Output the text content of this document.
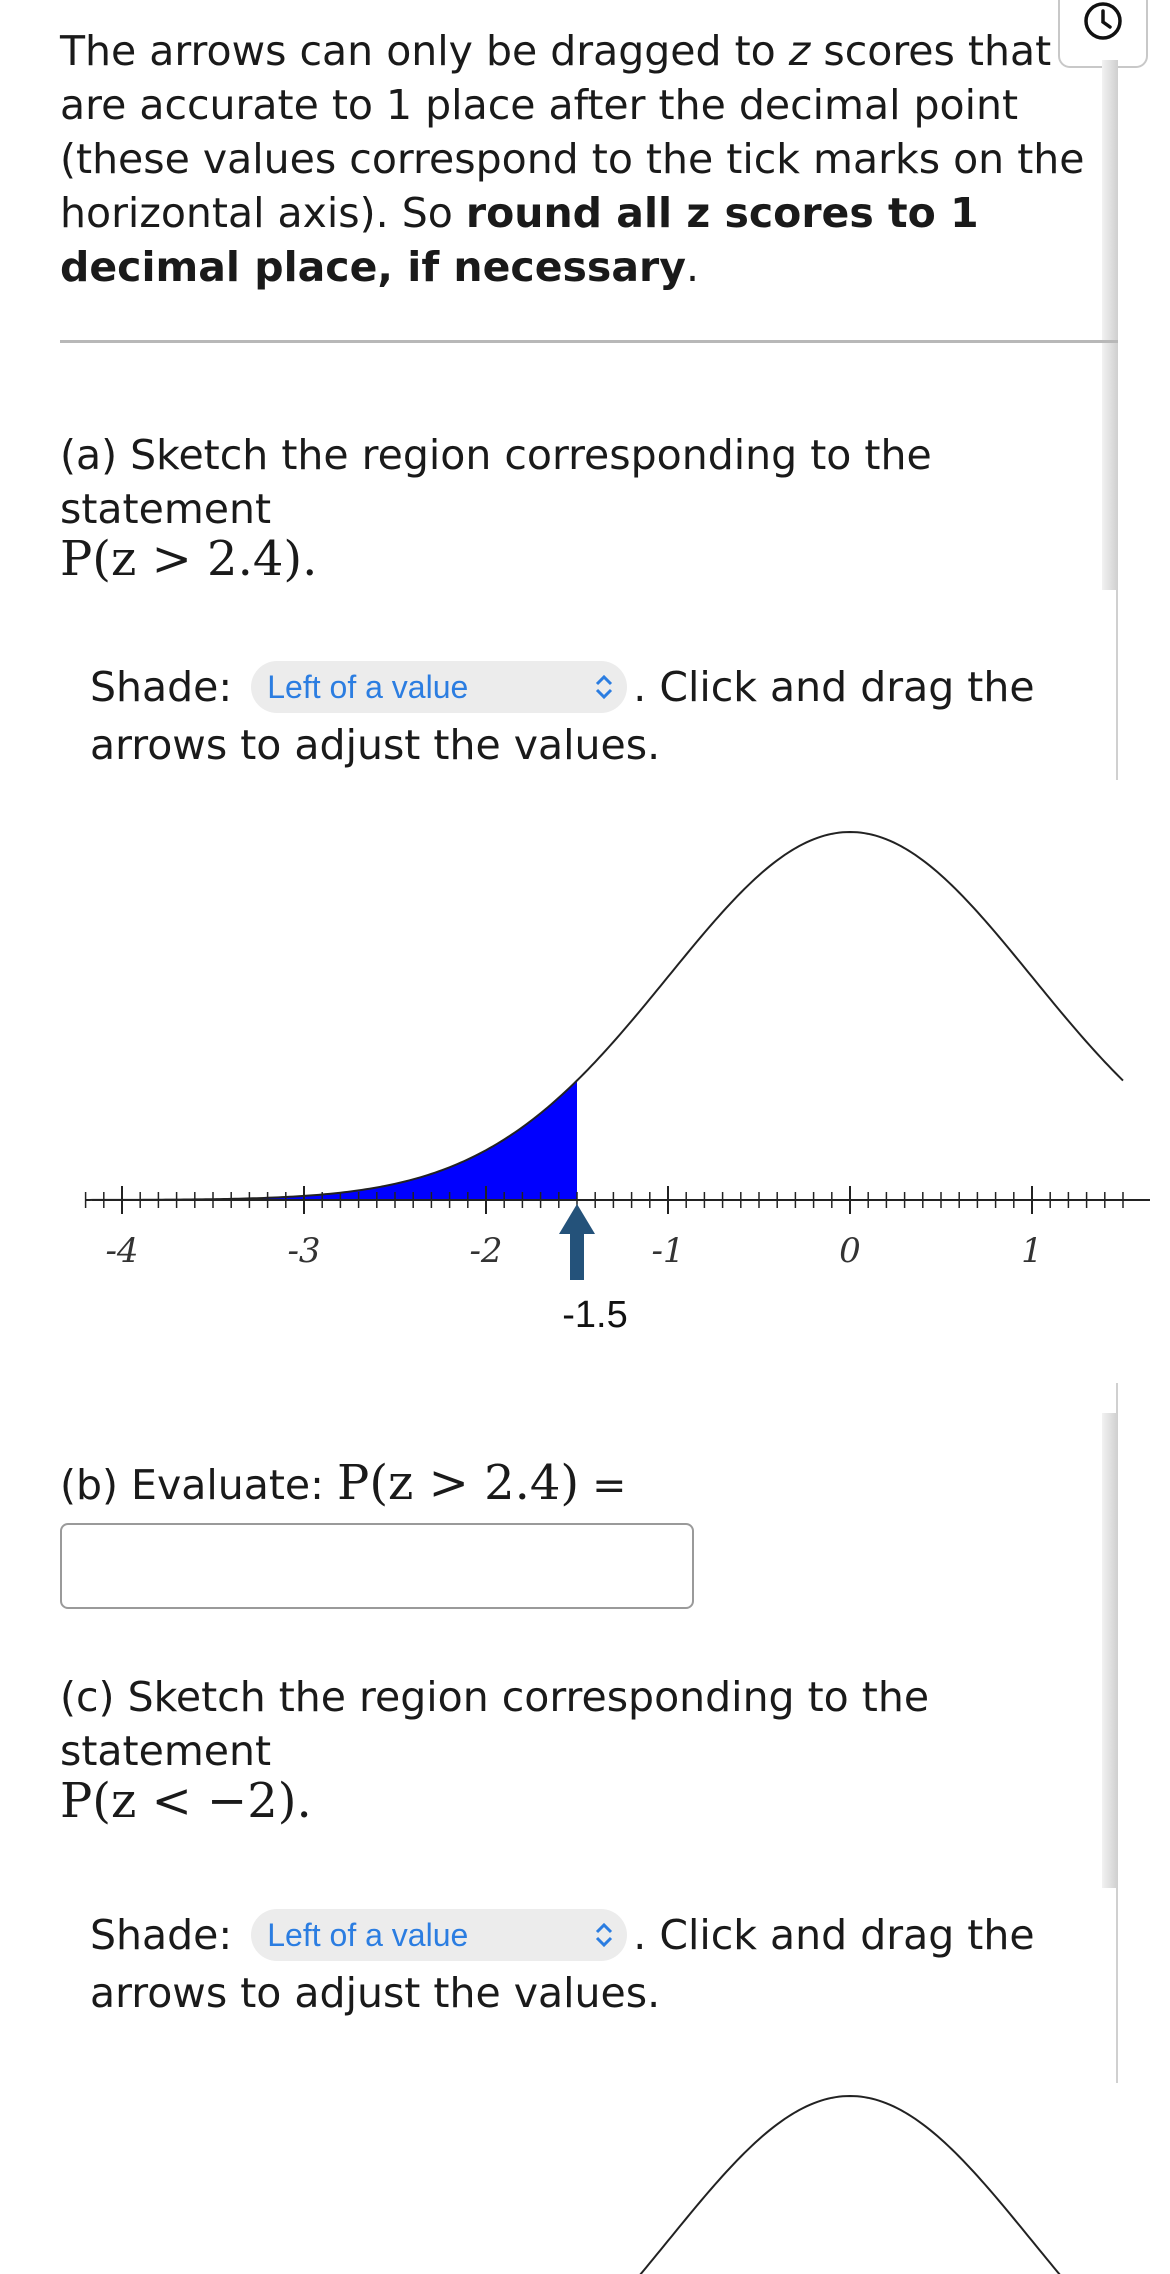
The arrows can only be dragged to z scores that are accurate to 1 place after the decimal point (these values correspond to the tick marks on the horizontal axis). So round all z scores to 1 decimal place, if necessary.
(a) Sketch the region corresponding to the statement
P(z > 2.4).
Shade: Left of a value	. Click and drag the arrows to adjust the values.
-4	-3	-2	-1	0	1
-1.5
(b) Evaluate: P(z > 2.4) =
(c) Sketch the region corresponding to the statement
P(z < −2).
Shade: Left of a value	. Click and drag the arrows to adjust the values.
